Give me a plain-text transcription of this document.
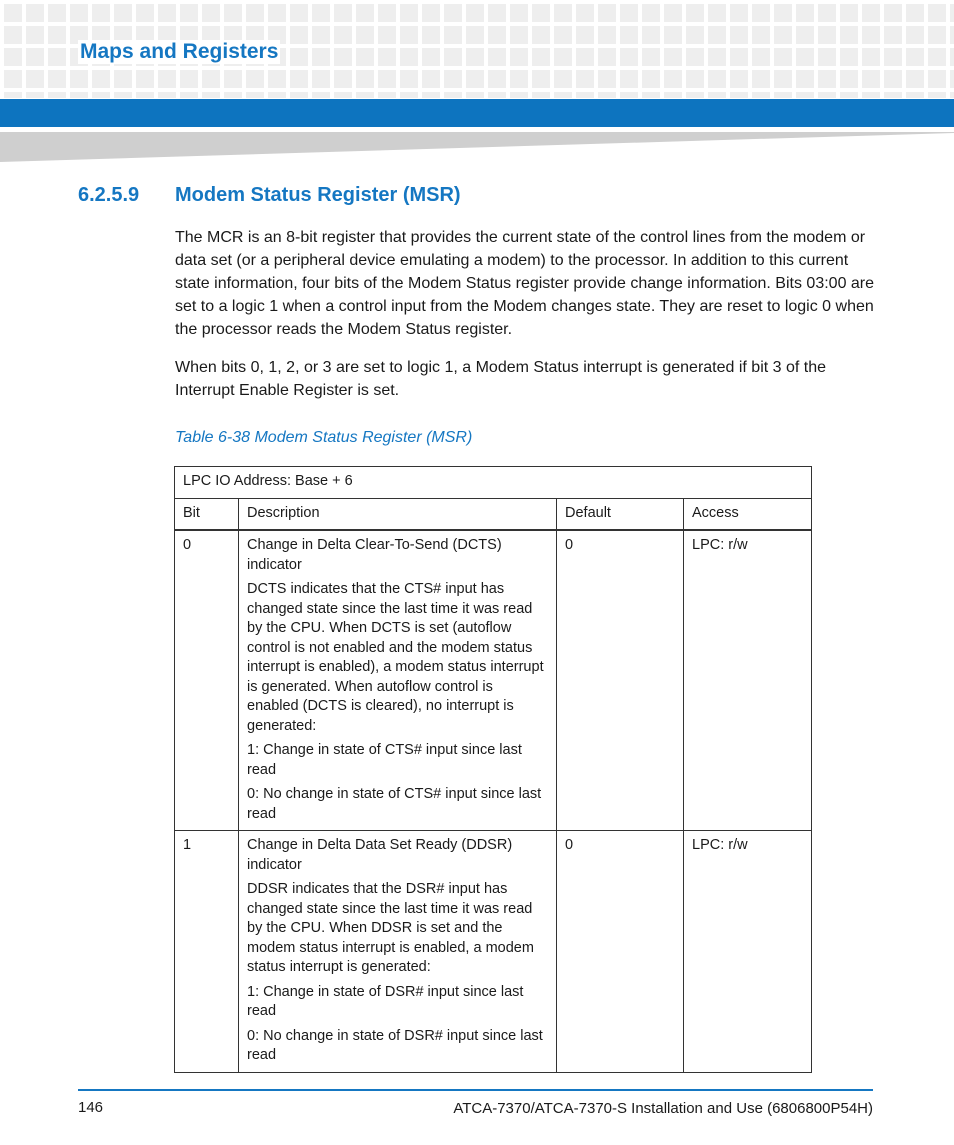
Maps and Registers
6.2.5.9 Modem Status Register (MSR)

The MCR is an 8-bit register that provides the current state of the control lines from the modem or data set (or a peripheral device emulating a modem) to the processor. In addition to this current state information, four bits of the Modem Status register provide change information. Bits 03:00 are set to a logic 1 when a control input from the Modem changes state. They are reset to logic 0 when the processor reads the Modem Status register.

When bits 0, 1, 2, or 3 are set to logic 1, a Modem Status interrupt is generated if bit 3 of the Interrupt Enable Register is set.

Table 6-38 Modem Status Register (MSR)
LPC IO Address: Base + 6			
Bit	Description	Default	Access
0	Change in Delta Clear-To-Send (DCTS) indicator

DCTS indicates that the CTS# input has changed state since the last time it was read by the CPU. When DCTS is set (autoflow control is not enabled and the modem status interrupt is enabled), a modem status interrupt is generated. When autoflow control is enabled (DCTS is cleared), no interrupt is generated:

1: Change in state of CTS# input since last read

0: No change in state of CTS# input since last read	0	LPC: r/w
1	Change in Delta Data Set Ready (DDSR) indicator

DDSR indicates that the DSR# input has changed state since the last time it was read by the CPU. When DDSR is set and the modem status interrupt is enabled, a modem status interrupt is generated:

1: Change in state of DSR# input since last read

0: No change in state of DSR# input since last read	0	LPC: r/w
146	ATCA-7370/ATCA-7370-S Installation and Use (6806800P54H)
